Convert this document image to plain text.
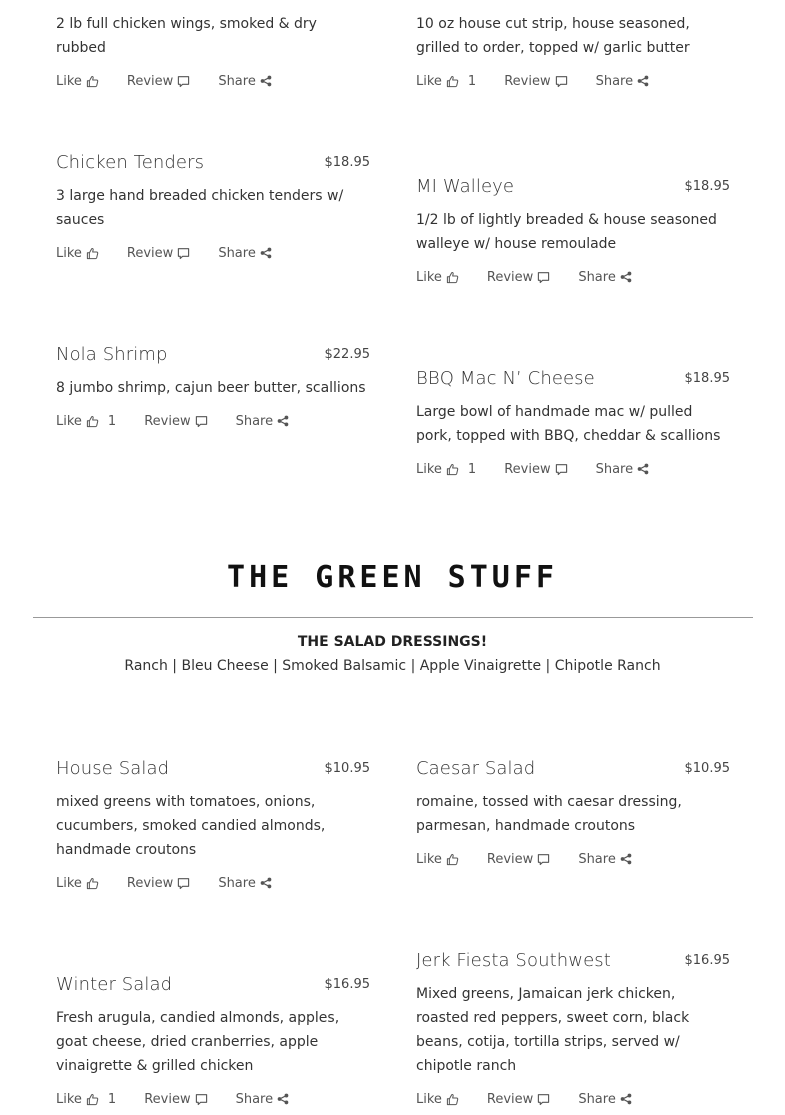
2 lb full chicken wings, smoked & dry rubbed
Like	Review	Share
10 oz house cut strip, house seasoned, grilled to order, topped w/ garlic butter
Like 1 Review	Share
Chicken Tenders	$18.95
3 large hand breaded chicken tenders w/ sauces
Like	Review	Share
MI Walleye	$18.95
1/2 lb of lightly breaded & house seasoned walleye w/ house remoulade
Like	Review	Share
Nola Shrimp	$22.95
8 jumbo shrimp, cajun beer butter, scallions
Like 1 Review	Share
BBQ Mac N’ Cheese	$18.95
Large bowl of handmade mac w/ pulled pork, topped with BBQ, cheddar & scallions
Like 1 Review	Share
THE GREEN STUFF
THE SALAD DRESSINGS!
Ranch | Bleu Cheese | Smoked Balsamic | Apple Vinaigrette | Chipotle Ranch
House Salad	$10.95
mixed greens with tomatoes, onions, cucumbers, smoked candied almonds, handmade croutons
Like	Review	Share
Caesar Salad	$10.95
romaine, tossed with caesar dressing, parmesan, handmade croutons
Like	Review	Share
Winter Salad	$16.95
Fresh arugula, candied almonds, apples, goat cheese, dried cranberries, apple vinaigrette & grilled chicken
Like 1 Review	Share
Jerk Fiesta Southwest	$16.95
Mixed greens, Jamaican jerk chicken, roasted red peppers, sweet corn, black beans, cotija, tortilla strips, served w/ chipotle ranch
Like	Review	Share
